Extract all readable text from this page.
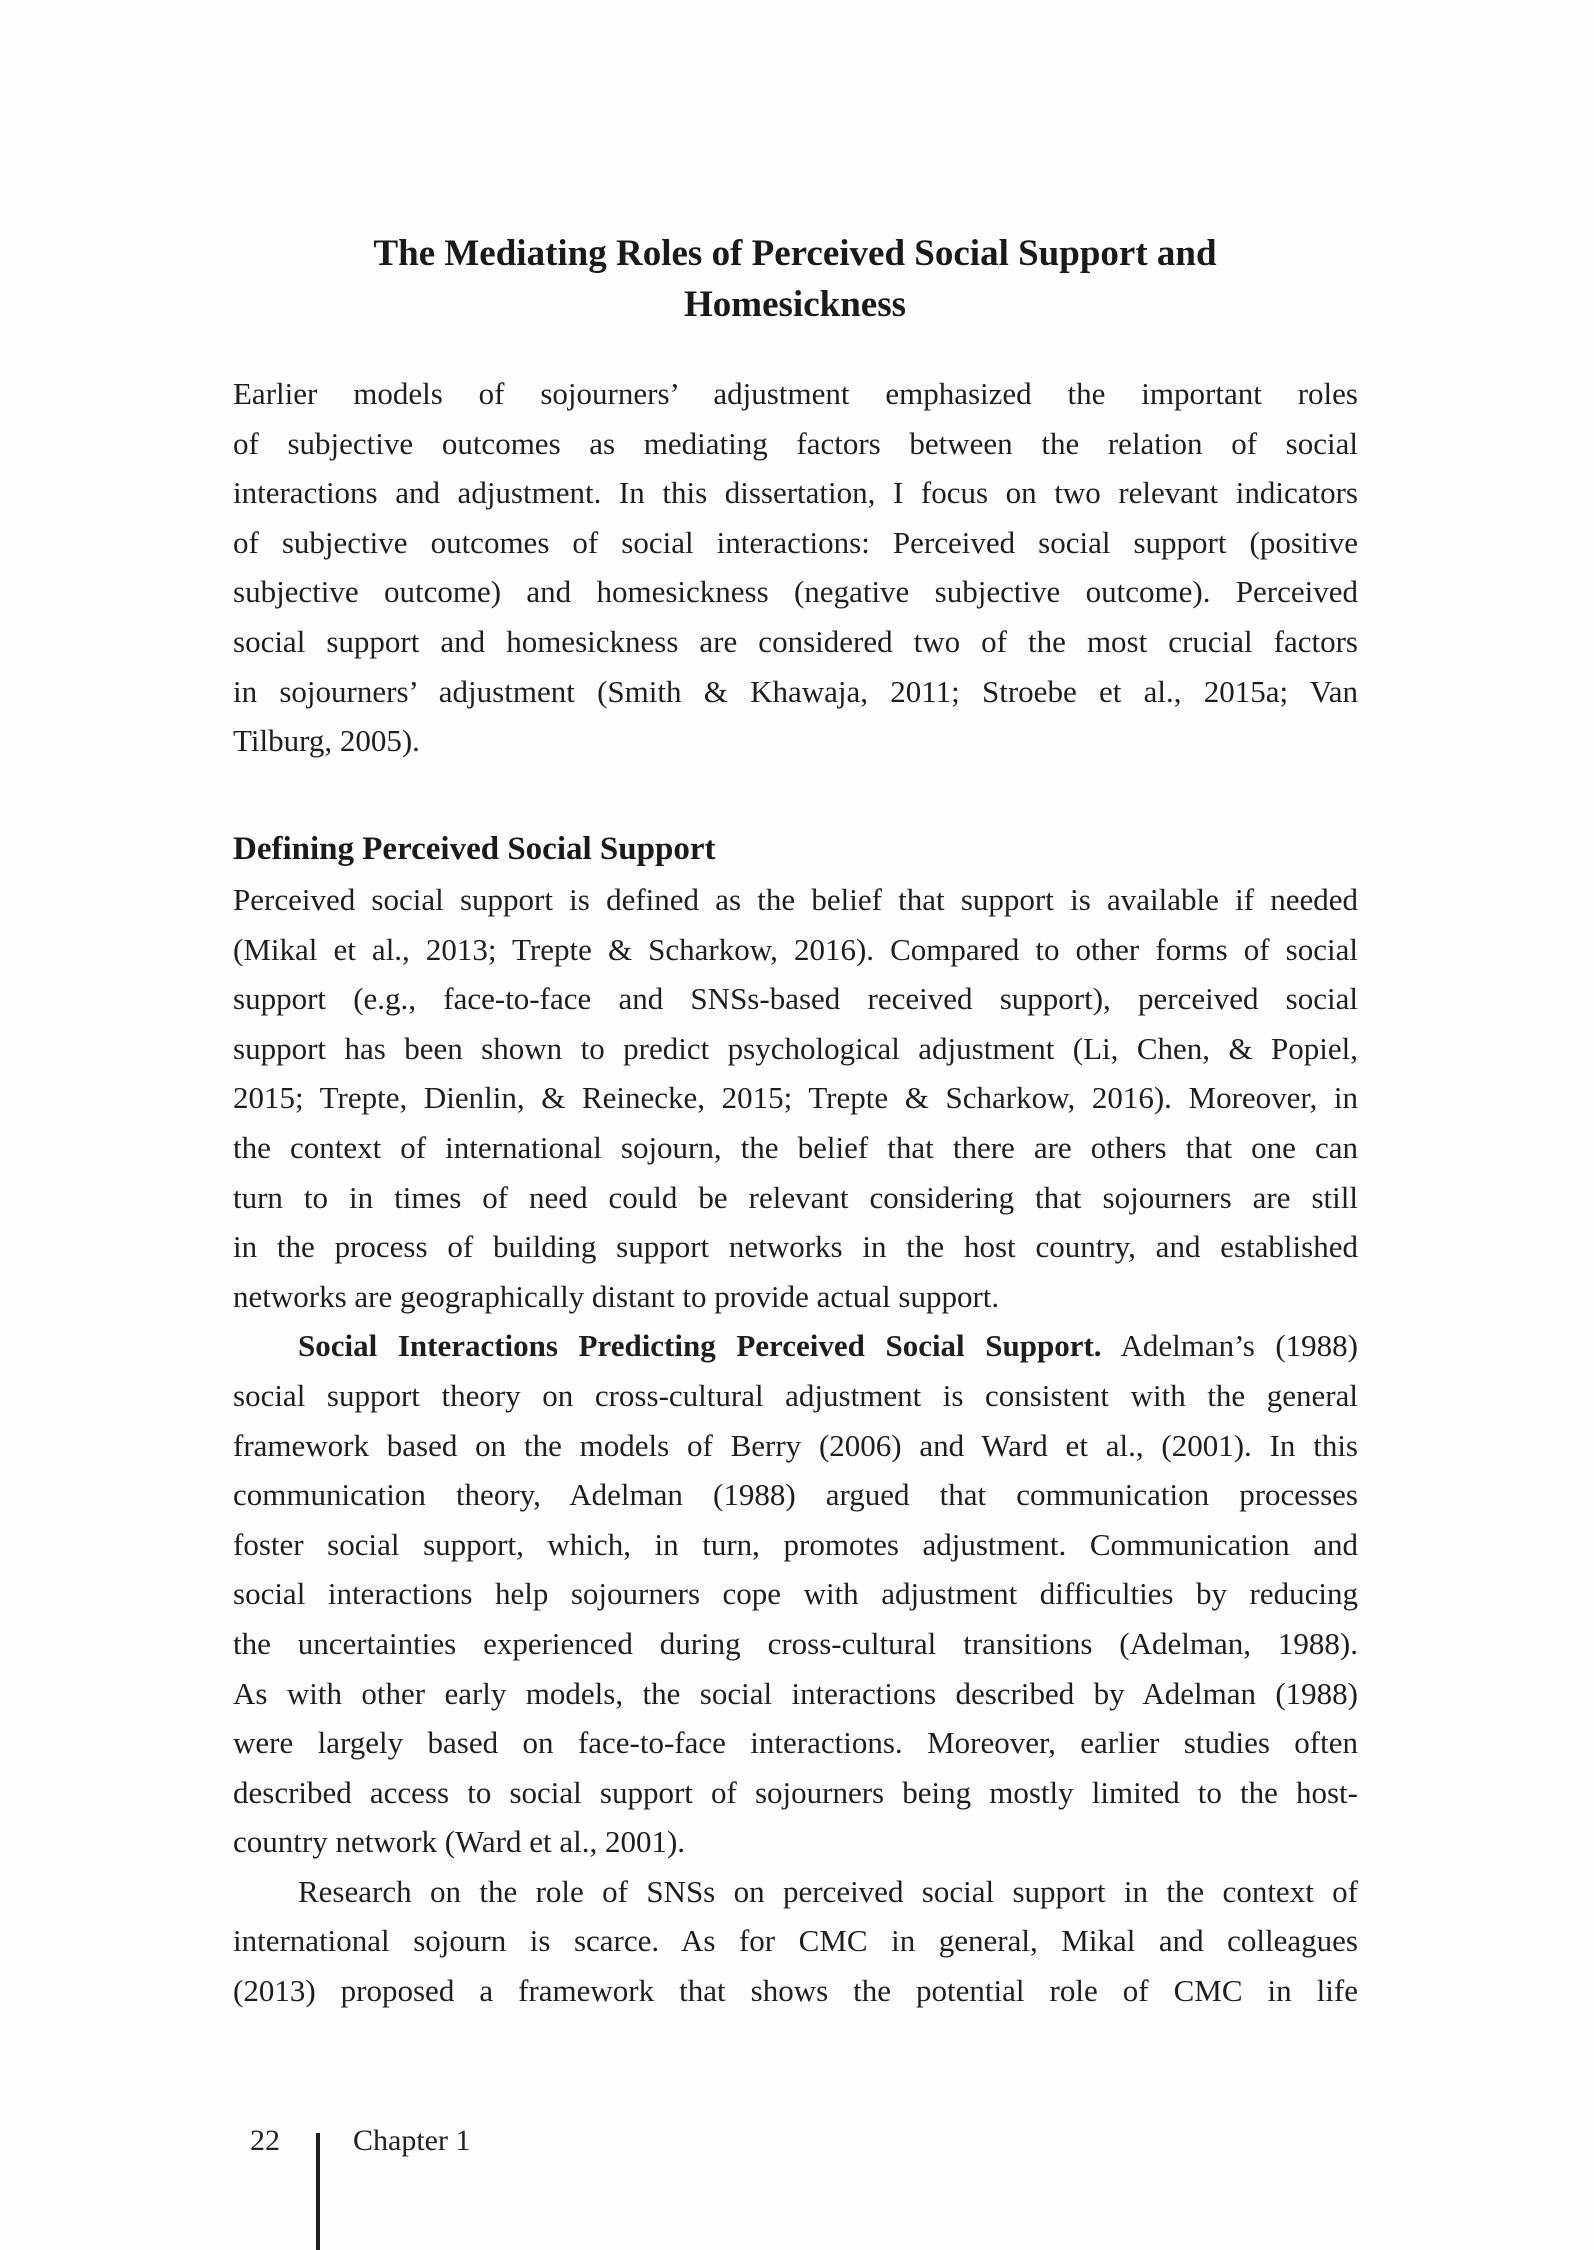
The Mediating Roles of Perceived Social Support and
Homesickness
Earlier models of sojourners’ adjustment emphasized the important roles
of subjective outcomes as mediating factors between the relation of social
interactions and adjustment. In this dissertation, I focus on two relevant indicators
of subjective outcomes of social interactions: Perceived social support (positive
subjective outcome) and homesickness (negative subjective outcome). Perceived
social support and homesickness are considered two of the most crucial factors
in sojourners’ adjustment (Smith & Khawaja, 2011; Stroebe et al., 2015a; Van
Tilburg, 2005).
Defining Perceived Social Support
Perceived social support is defined as the belief that support is available if needed
(Mikal et al., 2013; Trepte & Scharkow, 2016). Compared to other forms of social
support (e.g., face-to-face and SNSs-based received support), perceived social
support has been shown to predict psychological adjustment (Li, Chen, & Popiel,
2015; Trepte, Dienlin, & Reinecke, 2015; Trepte & Scharkow, 2016). Moreover, in
the context of international sojourn, the belief that there are others that one can
turn to in times of need could be relevant considering that sojourners are still
in the process of building support networks in the host country, and established
networks are geographically distant to provide actual support.
Social Interactions Predicting Perceived Social Support. Adelman’s (1988)
social support theory on cross-cultural adjustment is consistent with the general
framework based on the models of Berry (2006) and Ward et al., (2001). In this
communication theory, Adelman (1988) argued that communication processes
foster social support, which, in turn, promotes adjustment. Communication and
social interactions help sojourners cope with adjustment difficulties by reducing
the uncertainties experienced during cross-cultural transitions (Adelman, 1988).
As with other early models, the social interactions described by Adelman (1988)
were largely based on face-to-face interactions. Moreover, earlier studies often
described access to social support of sojourners being mostly limited to the host-
country network (Ward et al., 2001).
Research on the role of SNSs on perceived social support in the context of
international sojourn is scarce. As for CMC in general, Mikal and colleagues
(2013) proposed a framework that shows the potential role of CMC in life
22 Chapter 1
